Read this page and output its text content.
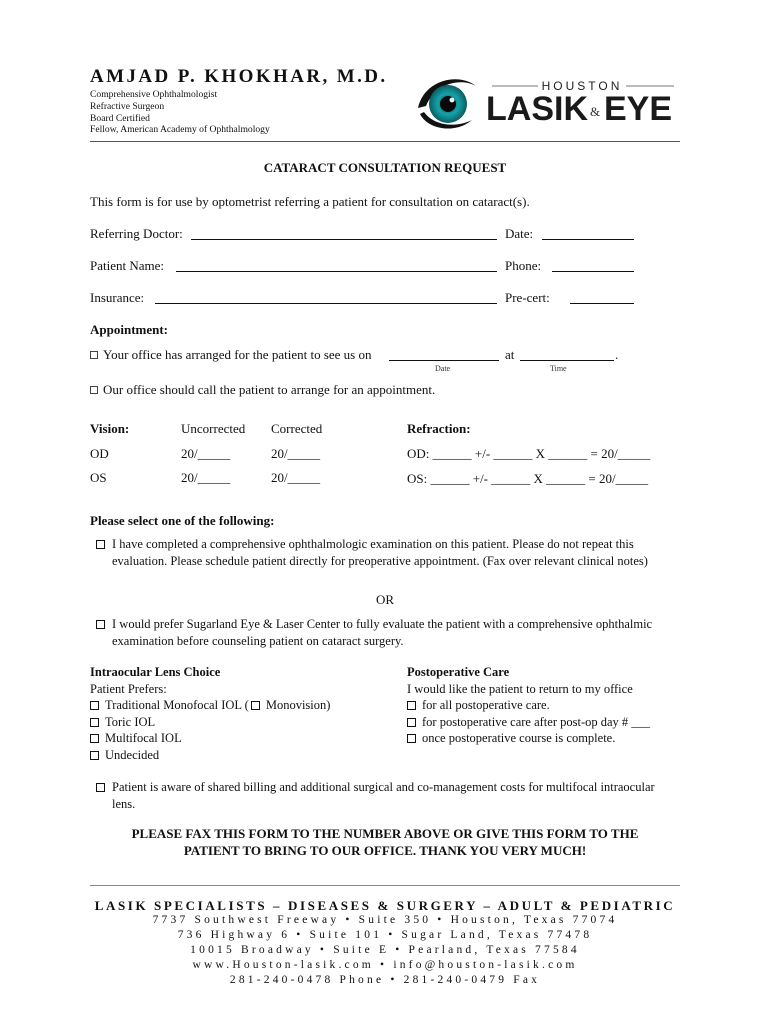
AMJAD P. KHOKHAR, M.D.
Comprehensive Ophthalmologist
Refractive Surgeon
Board Certified
Fellow, American Academy of Ophthalmology
HOUSTON
LASIK & EYE
CATARACT CONSULTATION REQUEST
This form is for use by optometrist referring a patient for consultation on cataract(s).
Referring Doctor:	Date:
Patient Name:	Phone:
Insurance:	Pre-cert:
Appointment:
Your office has arranged for the patient to see us on	at	.
Date	Time
Our office should call the patient to arrange for an appointment.
Vision:	Uncorrected Corrected	Refraction:
OD	20/_____	20/_____	OD: ______ +/- ______ X ______ = 20/_____
OS	20/_____	20/_____	OS: ______ +/- ______ X ______ = 20/_____
Please select one of the following:
I have completed a comprehensive ophthalmologic examination on this patient. Please do not repeat this evaluation. Please schedule patient directly for preoperative appointment. (Fax over relevant clinical notes)
OR
I would prefer Sugarland Eye & Laser Center to fully evaluate the patient with a comprehensive ophthalmic examination before counseling patient on cataract surgery.
Intraocular Lens Choice
Patient Prefers:
Traditional Monofocal IOL ( Monovision)
Toric IOL
Multifocal IOL
Undecided
Postoperative Care
I would like the patient to return to my office
for all postoperative care.
for postoperative care after post-op day # ___
once postoperative course is complete.
Patient is aware of shared billing and additional surgical and co-management costs for multifocal intraocular lens.
PLEASE FAX THIS FORM TO THE NUMBER ABOVE OR GIVE THIS FORM TO THE
PATIENT TO BRING TO OUR OFFICE. THANK YOU VERY MUCH!
LASIK SPECIALISTS – DISEASES & SURGERY – ADULT & PEDIATRIC
7737 Southwest Freeway • Suite 350 • Houston, Texas 77074
736 Highway 6 • Suite 101 • Sugar Land, Texas 77478
10015 Broadway • Suite E • Pearland, Texas 77584
www.Houston-lasik.com • info@houston-lasik.com
281-240-0478 Phone • 281-240-0479 Fax
